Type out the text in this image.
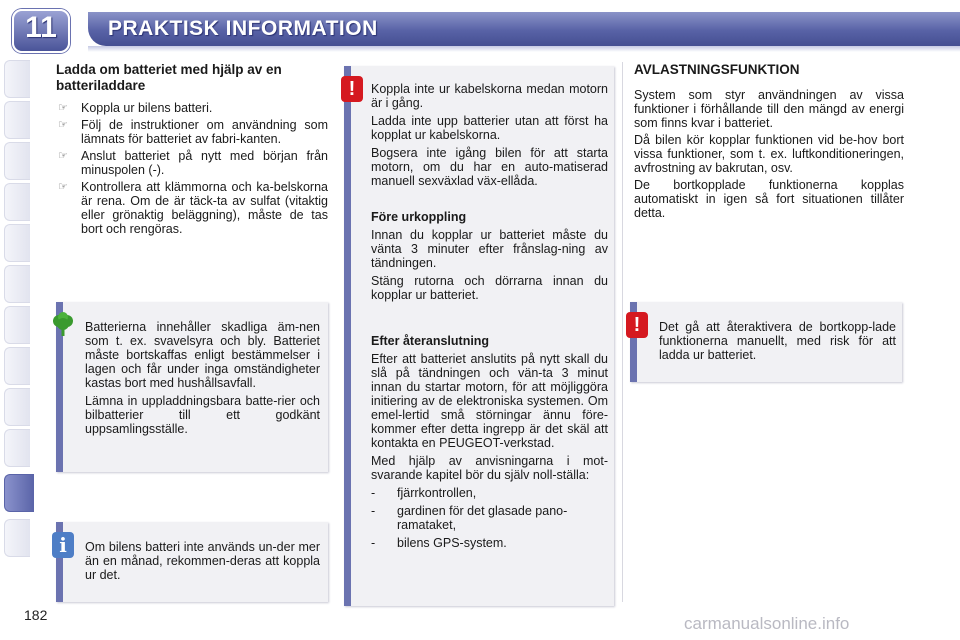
11	PRAKTISK INFORMATION
Ladda om batteriet med hjälp av en batteriladdare
☞ Koppla ur bilens batteri.
☞ Följ de instruktioner om användning som lämnats för batteriet av fabri-kanten.
☞ Anslut batteriet på nytt med början från minuspolen (-).
☞ Kontrollera att klämmorna och ka-belskorna är rena. Om de är täck-ta av sulfat (vitaktig eller grönaktig beläggning), måste de tas bort och rengöras.

Batterierna innehåller skadliga äm-nen som t. ex. svavelsyra och bly. Batteriet måste bortskaffas enligt bestämmelser i lagen och får under inga omständigheter kastas bort med hushållsavfall.

Lämna in uppladdningsbara batte-rier och bilbatterier till ett godkänt uppsamlingsställe.

Om bilens batteri inte används un-der mer än en månad, rekommen-deras att koppla ur det.

i

Koppla inte ur kabelskorna medan motorn är i gång.

Ladda inte upp batterier utan att först ha kopplat ur kabelskorna.

Bogsera inte igång bilen för att starta motorn, om du har en auto-matiserad manuell sexväxlad väx-ellåda.

Före urkoppling

Innan du kopplar ur batteriet måste du vänta 3 minuter efter frånslag-ning av tändningen.

Stäng rutorna och dörrarna innan du kopplar ur batteriet.

Efter återanslutning

Efter att batteriet anslutits på nytt skall du slå på tändningen och vän-ta 3 minut innan du startar motorn, för att möjliggöra initiering av de elektroniska systemen. Om emel-lertid små störningar ännu före-kommer efter detta ingrepp är det skäl att kontakta en PEUGEOT-verkstad.

Med hjälp av anvisningarna i mot-svarande kapitel bör du själv noll-ställa:

- fjärrkontrollen,
- gardinen för det glasade pano-ramataket,
- bilens GPS-system.
!
AVLASTNINGSFUNKTION

System som styr användningen av vissa funktioner i förhållande till den mängd av energi som finns kvar i batteriet.

Då bilen kör kopplar funktionen vid be-hov bort vissa funktioner, som t. ex. luftkonditioneringen, avfrostning av bakrutan, osv.

De bortkopplade funktionerna kopplas automatiskt in igen så fort situationen tillåter detta.

Det gå att återaktivera de bortkopp-lade funktionerna manuellt, med risk för att ladda ur batteriet.

!
182	carmanualsonline.info
